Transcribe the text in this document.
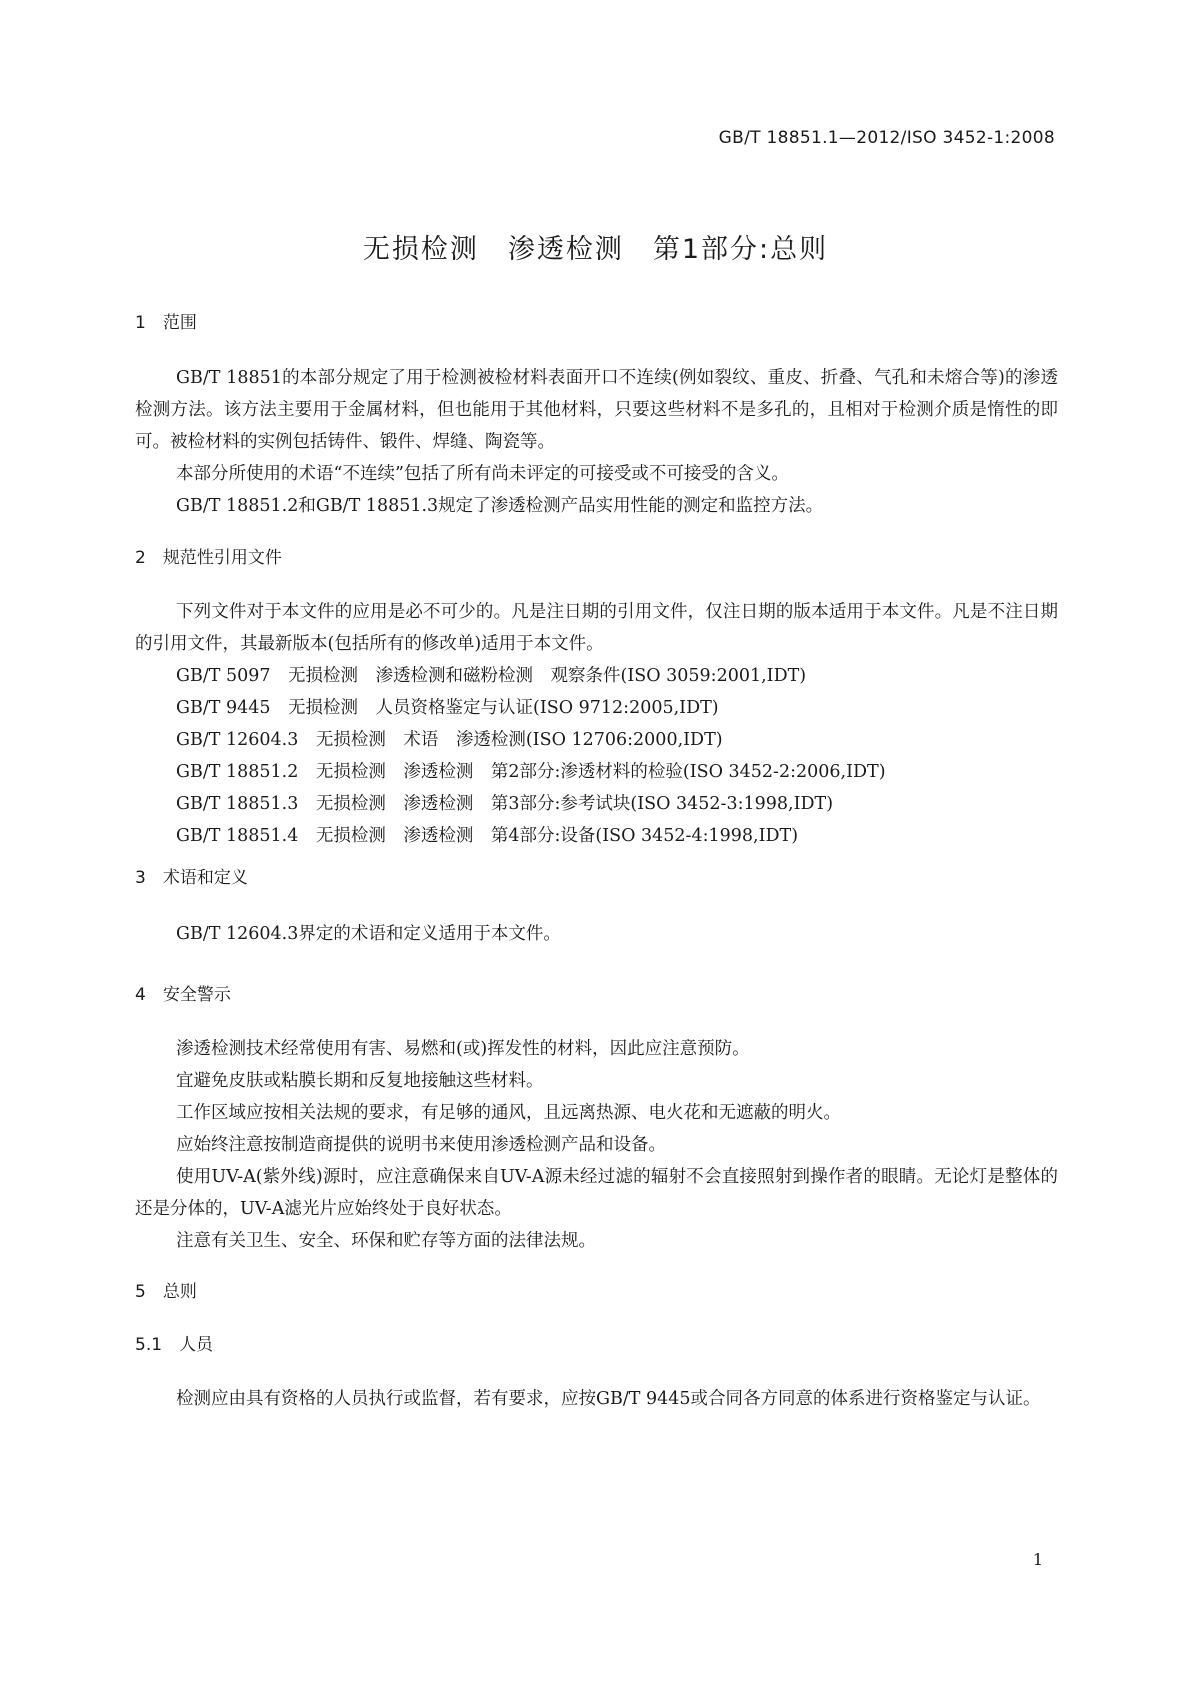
GB/T 18851.1—2012/ISO 3452-1:2008
无损检测　渗透检测　第1部分:总则
1　范围

GB/T 18851的本部分规定了用于检测被检材料表面开口不连续(例如裂纹、重皮、折叠、气孔和未熔合等)的渗透检测方法。该方法主要用于金属材料，但也能用于其他材料，只要这些材料不是多孔的，且相对于检测介质是惰性的即可。被检材料的实例包括铸件、锻件、焊缝、陶瓷等。

本部分所使用的术语“不连续”包括了所有尚未评定的可接受或不可接受的含义。
GB/T 18851.2和GB/T 18851.3规定了渗透检测产品实用性能的测定和监控方法。
2　规范性引用文件

下列文件对于本文件的应用是必不可少的。凡是注日期的引用文件，仅注日期的版本适用于本文件。凡是不注日期的引用文件，其最新版本(包括所有的修改单)适用于本文件。

GB/T 5097　无损检测　渗透检测和磁粉检测　观察条件(ISO 3059:2001,IDT)
GB/T 9445　无损检测　人员资格鉴定与认证(ISO 9712:2005,IDT)
GB/T 12604.3　无损检测　术语　渗透检测(ISO 12706:2000,IDT)
GB/T 18851.2　无损检测　渗透检测　第2部分:渗透材料的检验(ISO 3452-2:2006,IDT)
GB/T 18851.3　无损检测　渗透检测　第3部分:参考试块(ISO 3452-3:1998,IDT)
GB/T 18851.4　无损检测　渗透检测　第4部分:设备(ISO 3452-4:1998,IDT)
3　术语和定义
GB/T 12604.3界定的术语和定义适用于本文件。
4　安全警示
渗透检测技术经常使用有害、易燃和(或)挥发性的材料，因此应注意预防。
宜避免皮肤或粘膜长期和反复地接触这些材料。
工作区域应按相关法规的要求，有足够的通风，且远离热源、电火花和无遮蔽的明火。
应始终注意按制造商提供的说明书来使用渗透检测产品和设备。

使用UV-A(紫外线)源时，应注意确保来自UV-A源未经过滤的辐射不会直接照射到操作者的眼睛。无论灯是整体的还是分体的，UV-A滤光片应始终处于良好状态。

注意有关卫生、安全、环保和贮存等方面的法律法规。
5　总则
5.1　人员

检测应由具有资格的人员执行或监督，若有要求，应按GB/T 9445或合同各方同意的体系进行资格鉴定与认证。

1
